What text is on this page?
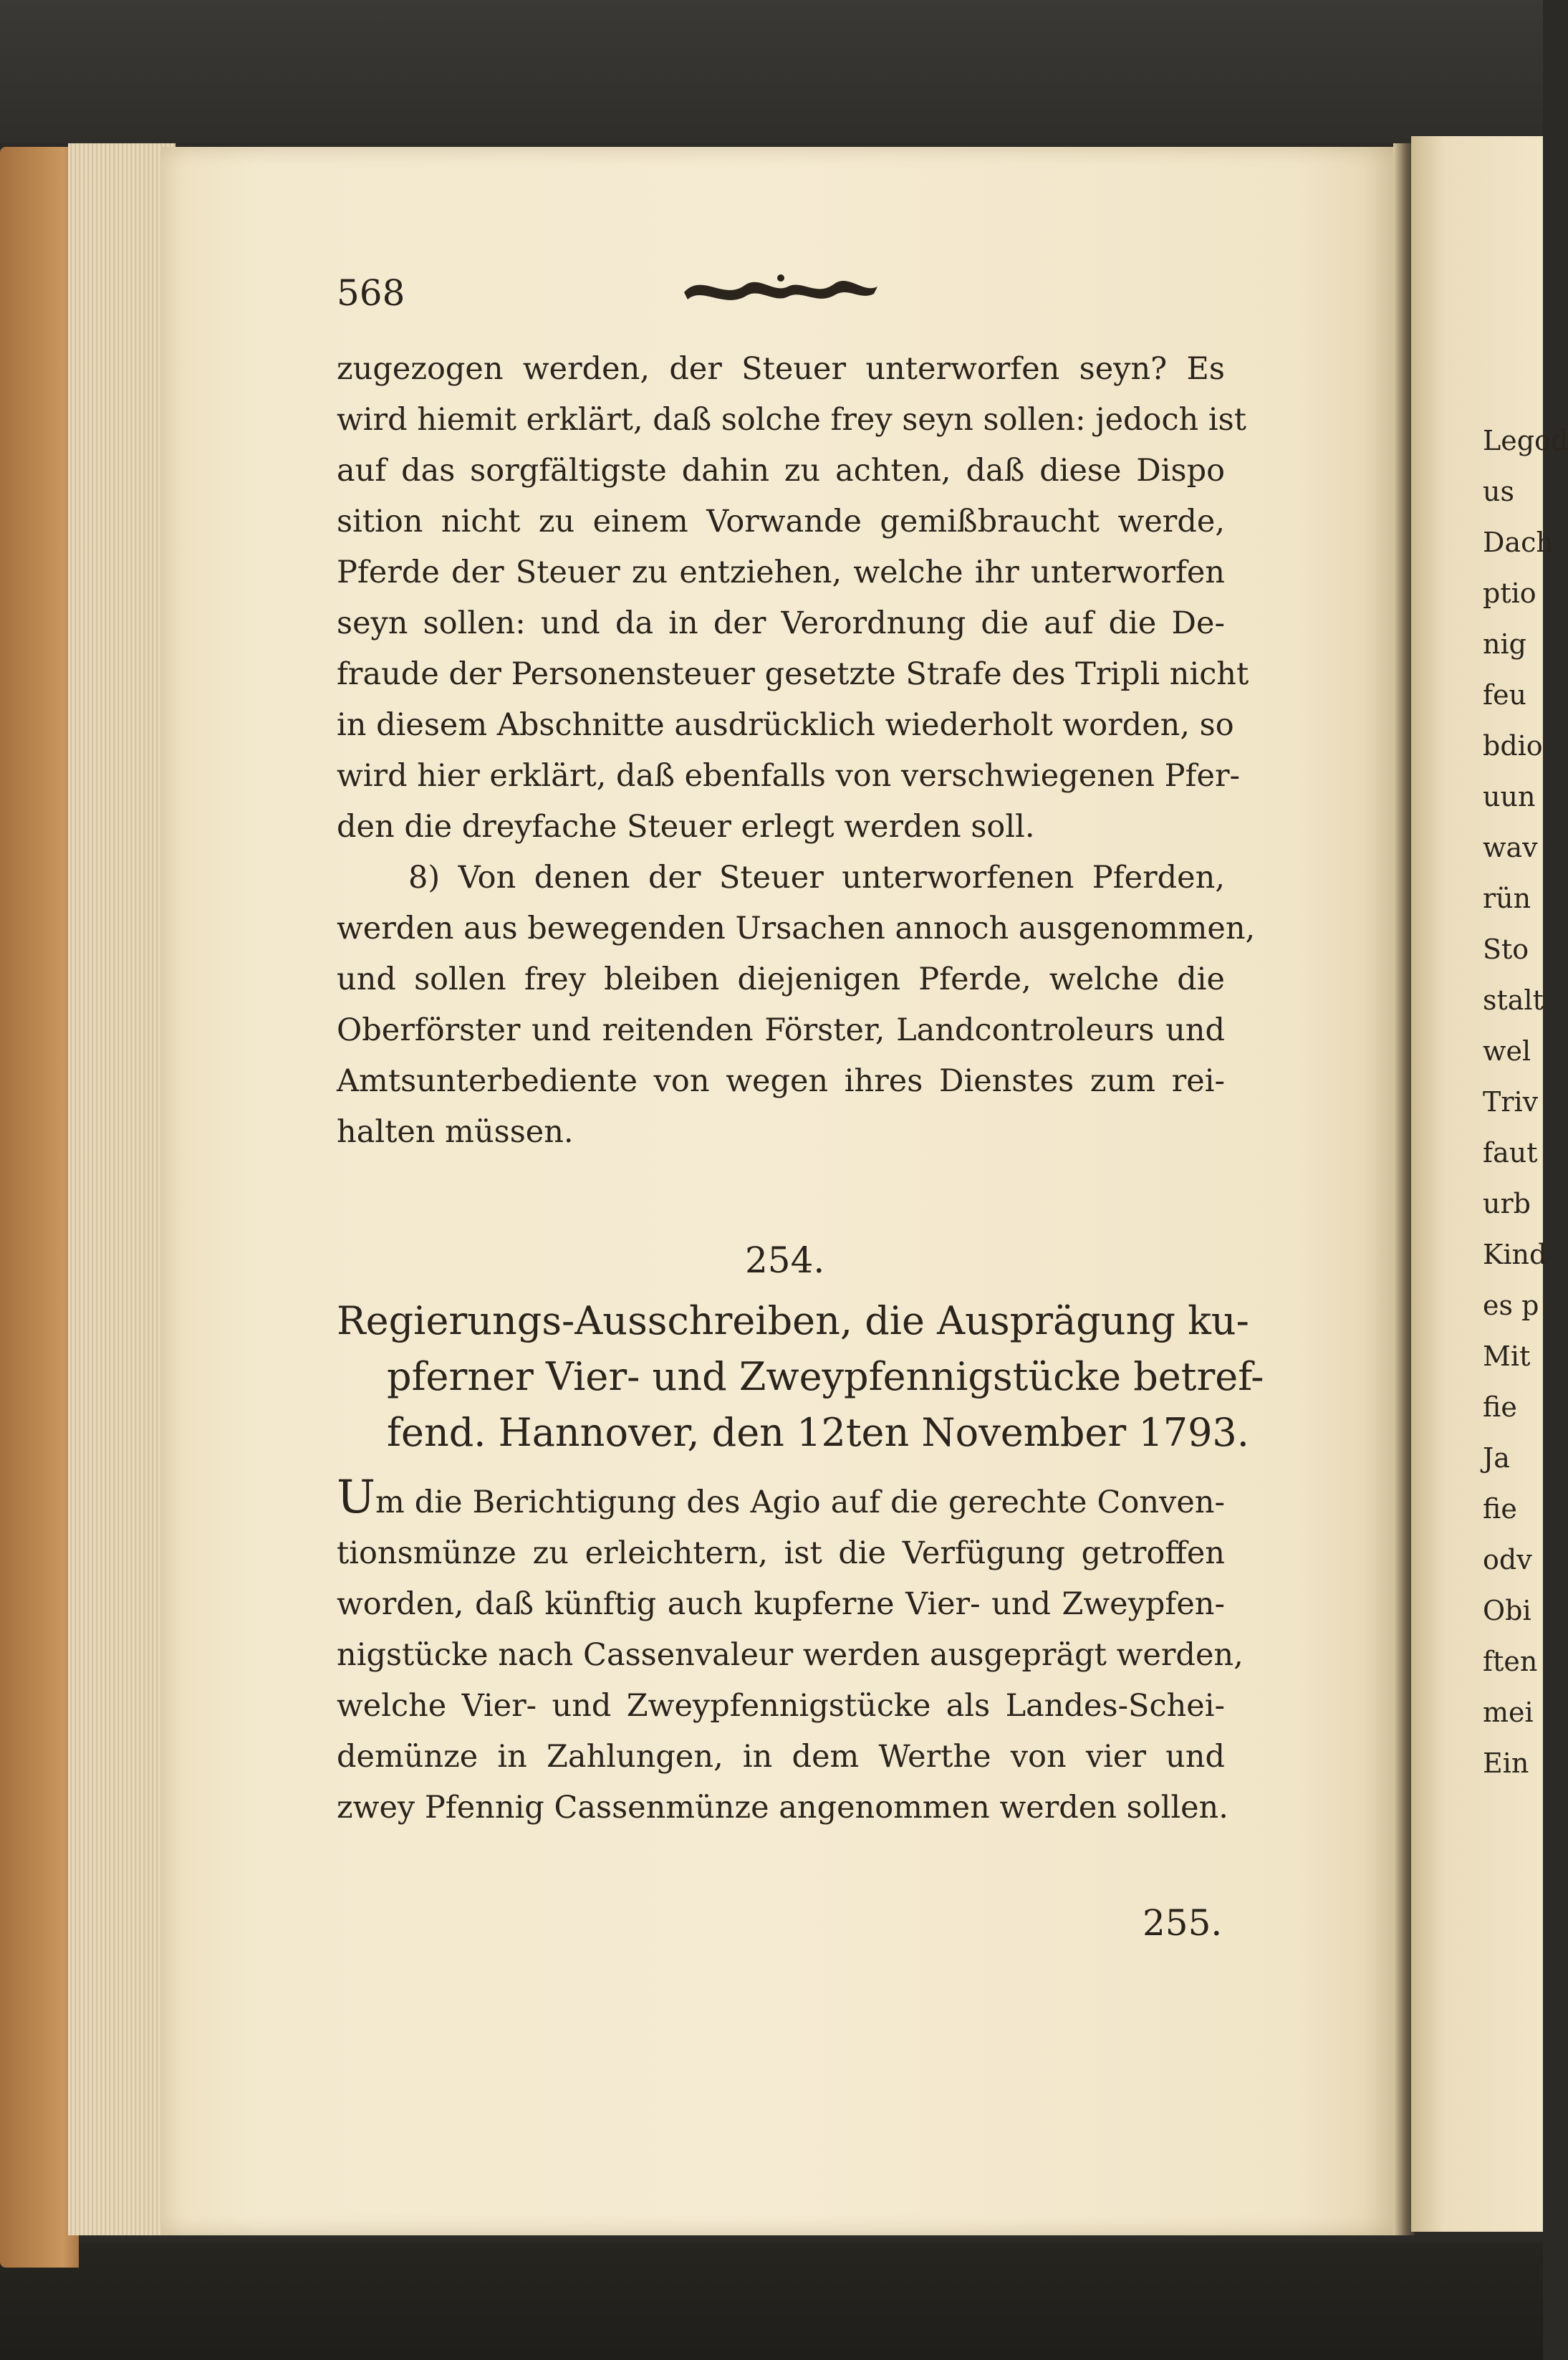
568
zugezogen werden, der Steuer unterworfen seyn? Es
wird hiemit erklärt, daß solche frey seyn sollen: jedoch ist
auf das sorgfältigste dahin zu achten, daß diese Dispo
sition nicht zu einem Vorwande gemißbraucht werde,
Pferde der Steuer zu entziehen, welche ihr unterworfen
seyn sollen: und da in der Verordnung die auf die De-
fraude der Personensteuer gesetzte Strafe des Tripli nicht
in diesem Abschnitte ausdrücklich wiederholt worden, so
wird hier erklärt, daß ebenfalls von verschwiegenen Pfer-
den die dreyfache Steuer erlegt werden soll.
8) Von denen der Steuer unterworfenen Pferden,
werden aus bewegenden Ursachen annoch ausgenommen,
und sollen frey bleiben diejenigen Pferde, welche die
Oberförster und reitenden Förster, Landcontroleurs und
Amtsunterbediente von wegen ihres Dienstes zum rei-
halten müssen.
254.
Regierungs-Ausschreiben, die Ausprägung ku-
pferner Vier- und Zweypfennigstücke betref-
fend. Hannover, den 12ten November 1793.
Um die Berichtigung des Agio auf die gerechte Conven-
tionsmünze zu erleichtern, ist die Verfügung getroffen
worden, daß künftig auch kupferne Vier- und Zweypfen-
nigstücke nach Cassenvaleur werden ausgeprägt werden,
welche Vier- und Zweypfennigstücke als Landes-Schei-
demünze in Zahlungen, in dem Werthe von vier und
zwey Pfennig Cassenmünze angenommen werden sollen.
255.
Legod
us
Dach
ptio
nig
feu
bdio
uun
wav
rün
Sto
stalt
wel
Triv
faut
urb
Kind
es p
Mit
fie
Ja
fie
odv
Obi
ften
mei
Ein
